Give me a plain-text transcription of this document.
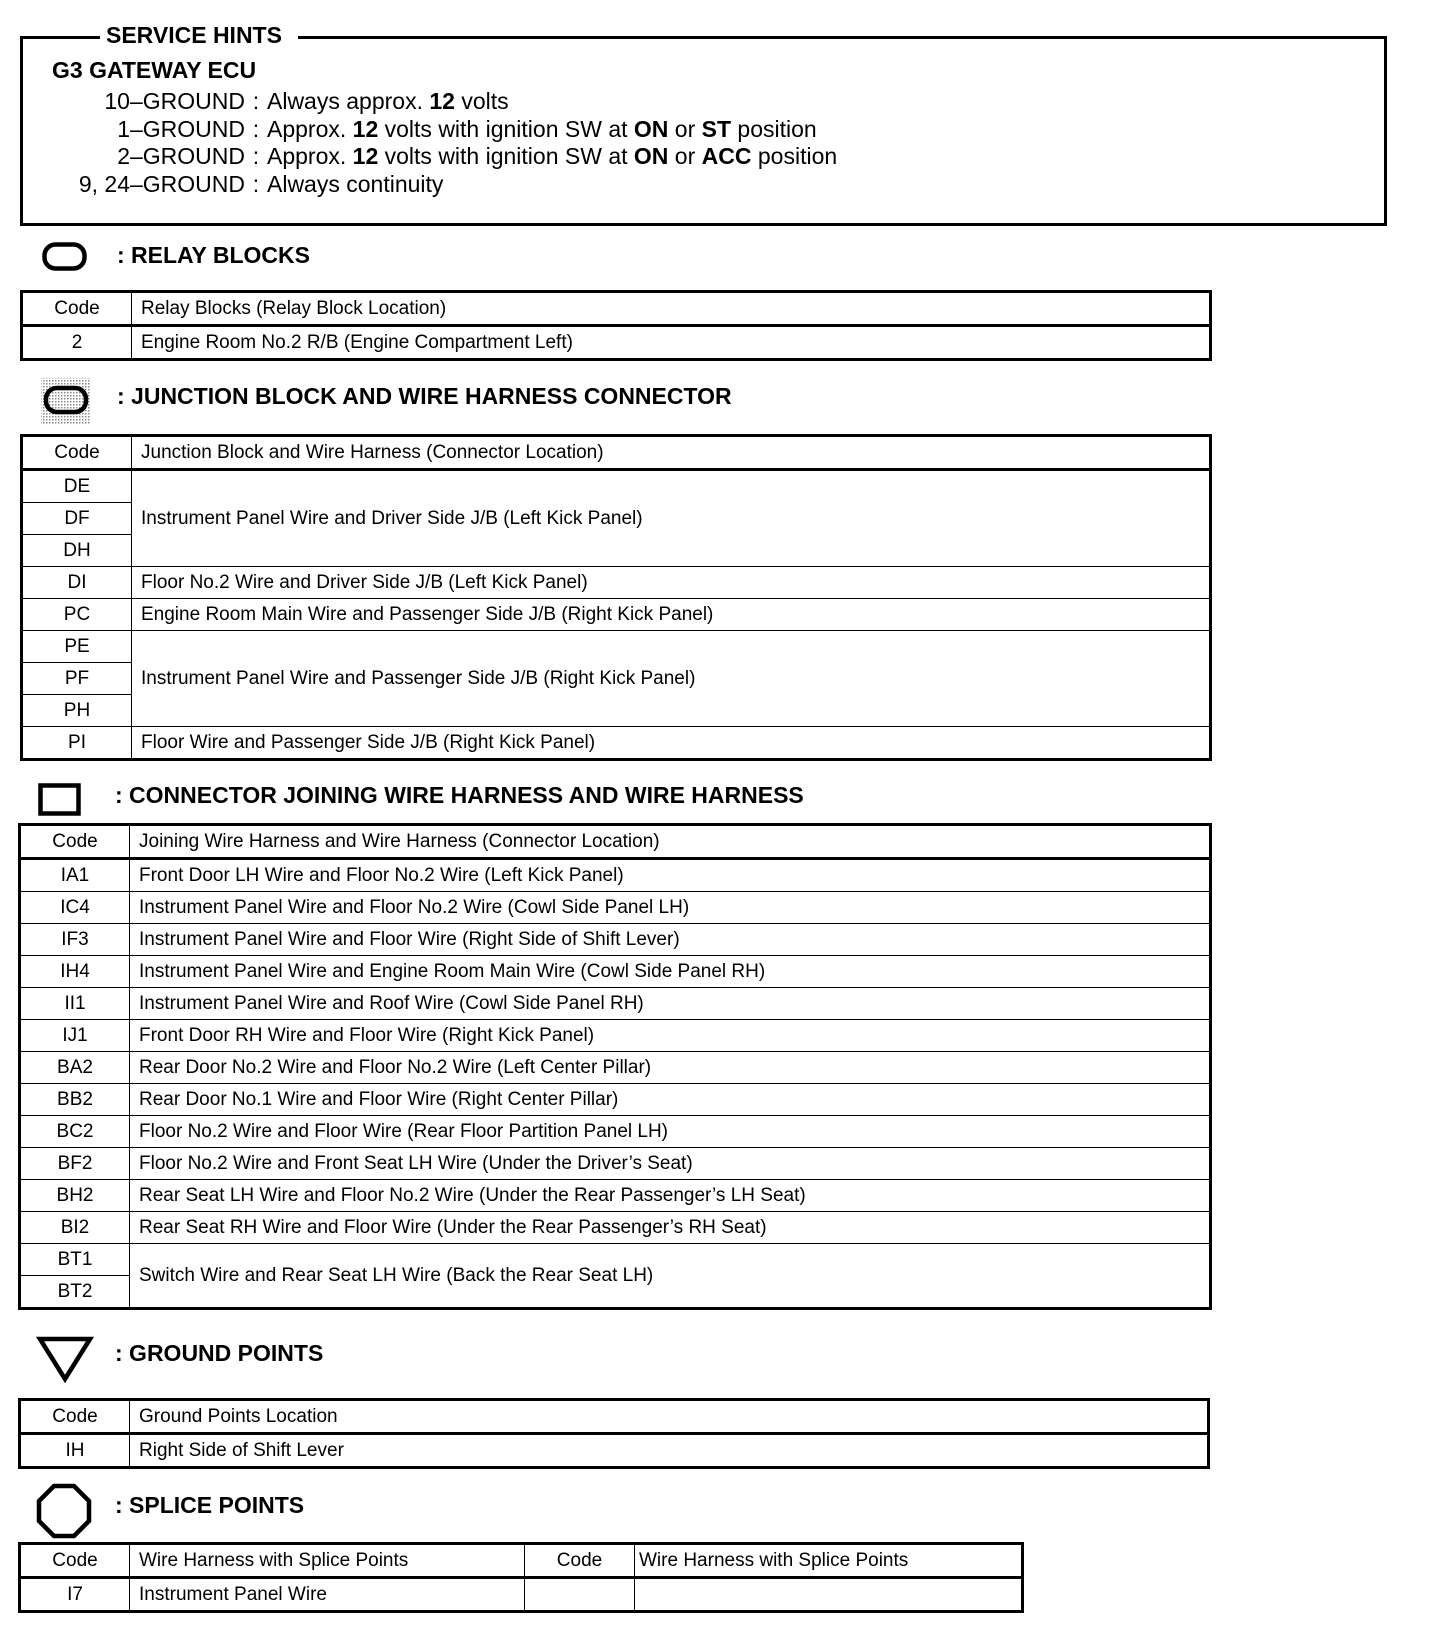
SERVICE HINTS
G3 GATEWAY ECU
10–GROUND : Always approx. 12 volts
1–GROUND : Approx. 12 volts with ignition SW at ON or ST position
2–GROUND : Approx. 12 volts with ignition SW at ON or ACC position
9, 24–GROUND : Always continuity
: RELAY BLOCKS
Code	Relay Blocks (Relay Block Location)
2	Engine Room No.2 R/B (Engine Compartment Left)
: JUNCTION BLOCK AND WIRE HARNESS CONNECTOR
Code	Junction Block and Wire Harness (Connector Location)
DE	Instrument Panel Wire and Driver Side J/B (Left Kick Panel)
DF	
DH	
DI	Floor No.2 Wire and Driver Side J/B (Left Kick Panel)
PC	Engine Room Main Wire and Passenger Side J/B (Right Kick Panel)
PE	Instrument Panel Wire and Passenger Side J/B (Right Kick Panel)
PF	
PH	
PI	Floor Wire and Passenger Side J/B (Right Kick Panel)
: CONNECTOR JOINING WIRE HARNESS AND WIRE HARNESS
Code	Joining Wire Harness and Wire Harness (Connector Location)
IA1	Front Door LH Wire and Floor No.2 Wire (Left Kick Panel)
IC4	Instrument Panel Wire and Floor No.2 Wire (Cowl Side Panel LH)
IF3	Instrument Panel Wire and Floor Wire (Right Side of Shift Lever)
IH4	Instrument Panel Wire and Engine Room Main Wire (Cowl Side Panel RH)
II1	Instrument Panel Wire and Roof Wire (Cowl Side Panel RH)
IJ1	Front Door RH Wire and Floor Wire (Right Kick Panel)
BA2	Rear Door No.2 Wire and Floor No.2 Wire (Left Center Pillar)
BB2	Rear Door No.1 Wire and Floor Wire (Right Center Pillar)
BC2	Floor No.2 Wire and Floor Wire (Rear Floor Partition Panel LH)
BF2	Floor No.2 Wire and Front Seat LH Wire (Under the Driver’s Seat)
BH2	Rear Seat LH Wire and Floor No.2 Wire (Under the Rear Passenger’s LH Seat)
BI2	Rear Seat RH Wire and Floor Wire (Under the Rear Passenger’s RH Seat)
BT1	Switch Wire and Rear Seat LH Wire (Back the Rear Seat LH)
BT2	
: GROUND POINTS
Code	Ground Points Location
IH	Right Side of Shift Lever
: SPLICE POINTS
Code	Wire Harness with Splice Points	Code	Wire Harness with Splice Points
I7	Instrument Panel Wire		
